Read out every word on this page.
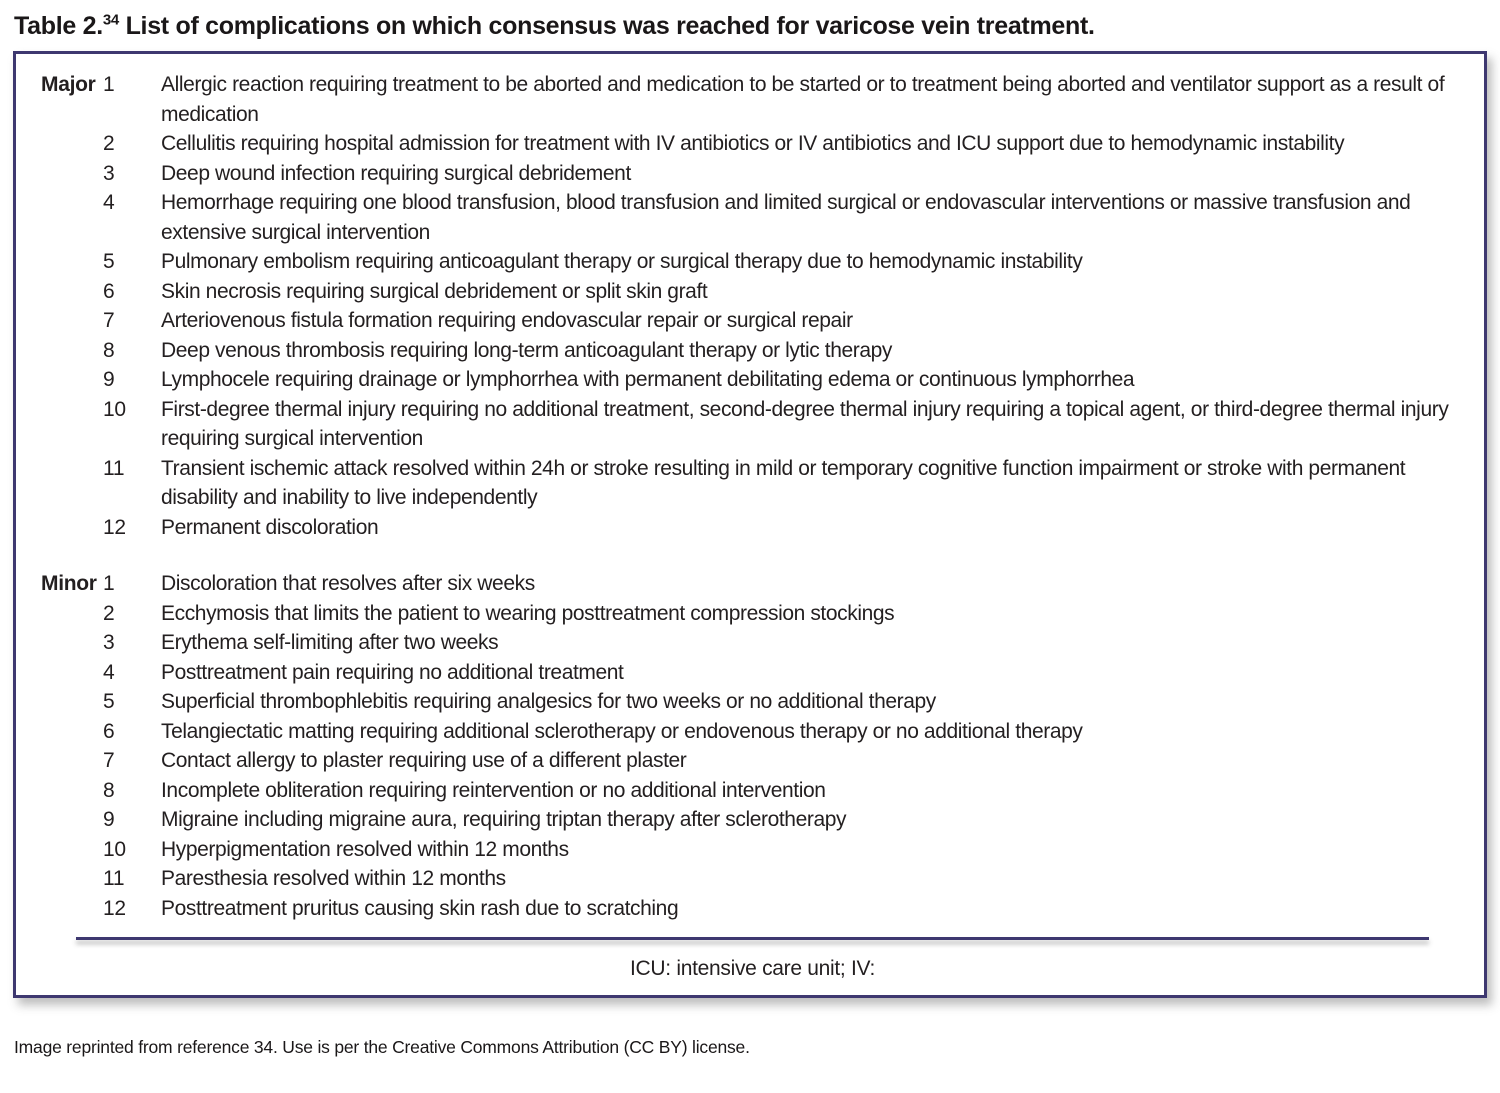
Table 2.34 List of complications on which consensus was reached for varicose vein treatment.
Major 1	Allergic reaction requiring treatment to be aborted and medication to be started or to treatment being aborted and ventilator support as a result of medication
2	Cellulitis requiring hospital admission for treatment with IV antibiotics or IV antibiotics and ICU support due to hemodynamic instability
3	Deep wound infection requiring surgical debridement
4	Hemorrhage requiring one blood transfusion, blood transfusion and limited surgical or endovascular interventions or massive transfusion and extensive surgical intervention
5	Pulmonary embolism requiring anticoagulant therapy or surgical therapy due to hemodynamic instability
6	Skin necrosis requiring surgical debridement or split skin graft
7	Arteriovenous fistula formation requiring endovascular repair or surgical repair
8	Deep venous thrombosis requiring long-term anticoagulant therapy or lytic therapy
9	Lymphocele requiring drainage or lymphorrhea with permanent debilitating edema or continuous lymphorrhea
10	First-degree thermal injury requiring no additional treatment, second-degree thermal injury requiring a topical agent, or third-degree thermal injury requiring surgical intervention
11	Transient ischemic attack resolved within 24h or stroke resulting in mild or temporary cognitive function impairment or stroke with permanent disability and inability to live independently
12	Permanent discoloration
Minor 1	Discoloration that resolves after six weeks
2	Ecchymosis that limits the patient to wearing posttreatment compression stockings
3	Erythema self-limiting after two weeks
4	Posttreatment pain requiring no additional treatment
5	Superficial thrombophlebitis requiring analgesics for two weeks or no additional therapy
6	Telangiectatic matting requiring additional sclerotherapy or endovenous therapy or no additional therapy
7	Contact allergy to plaster requiring use of a different plaster
8	Incomplete obliteration requiring reintervention or no additional intervention
9	Migraine including migraine aura, requiring triptan therapy after sclerotherapy
10	Hyperpigmentation resolved within 12 months
11	Paresthesia resolved within 12 months
12	Posttreatment pruritus causing skin rash due to scratching
ICU: intensive care unit; IV:

Image reprinted from reference 34. Use is per the Creative Commons Attribution (CC BY) license.
